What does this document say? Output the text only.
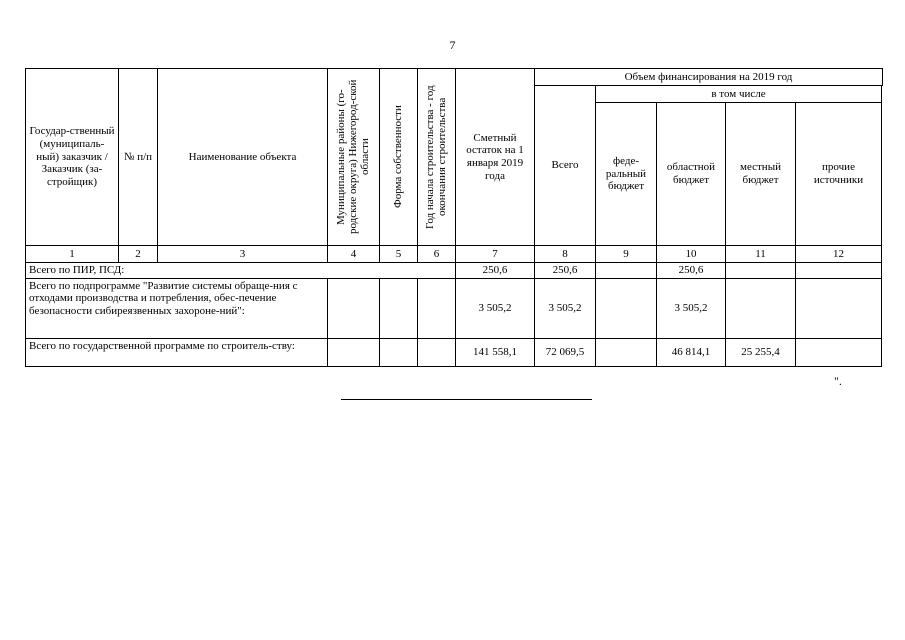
7
Государ-ственный (муниципаль-ный) заказчик / Заказчик (за-стройщик)	№ п/п	Наименование объекта	Муниципальные районы (го-родские округа) Нижегород-ской области	Форма собственности	Год начала строительства - год окончания строительства	Сметный остаток на 1 января 2019 года	Объем финансирования на 2019 год				
							Всего	в том числе			
								феде-ральный бюджет	областной бюджет	местный бюджет	прочие источники
1	2	3	4	5	6	7	8	9	10	11	12
Всего по ПИР, ПСД:						250,6	250,6		250,6		
Всего по подпрограмме "Развитие системы обраще-ния с отходами производства и потребления, обес-печение безопасности сибиреязвенных захороне-ний":						3 505,2	3 505,2		3 505,2		
Всего по государственной программе по строитель-ству:						141 558,1	72 069,5		46 814,1	25 255,4	
".
